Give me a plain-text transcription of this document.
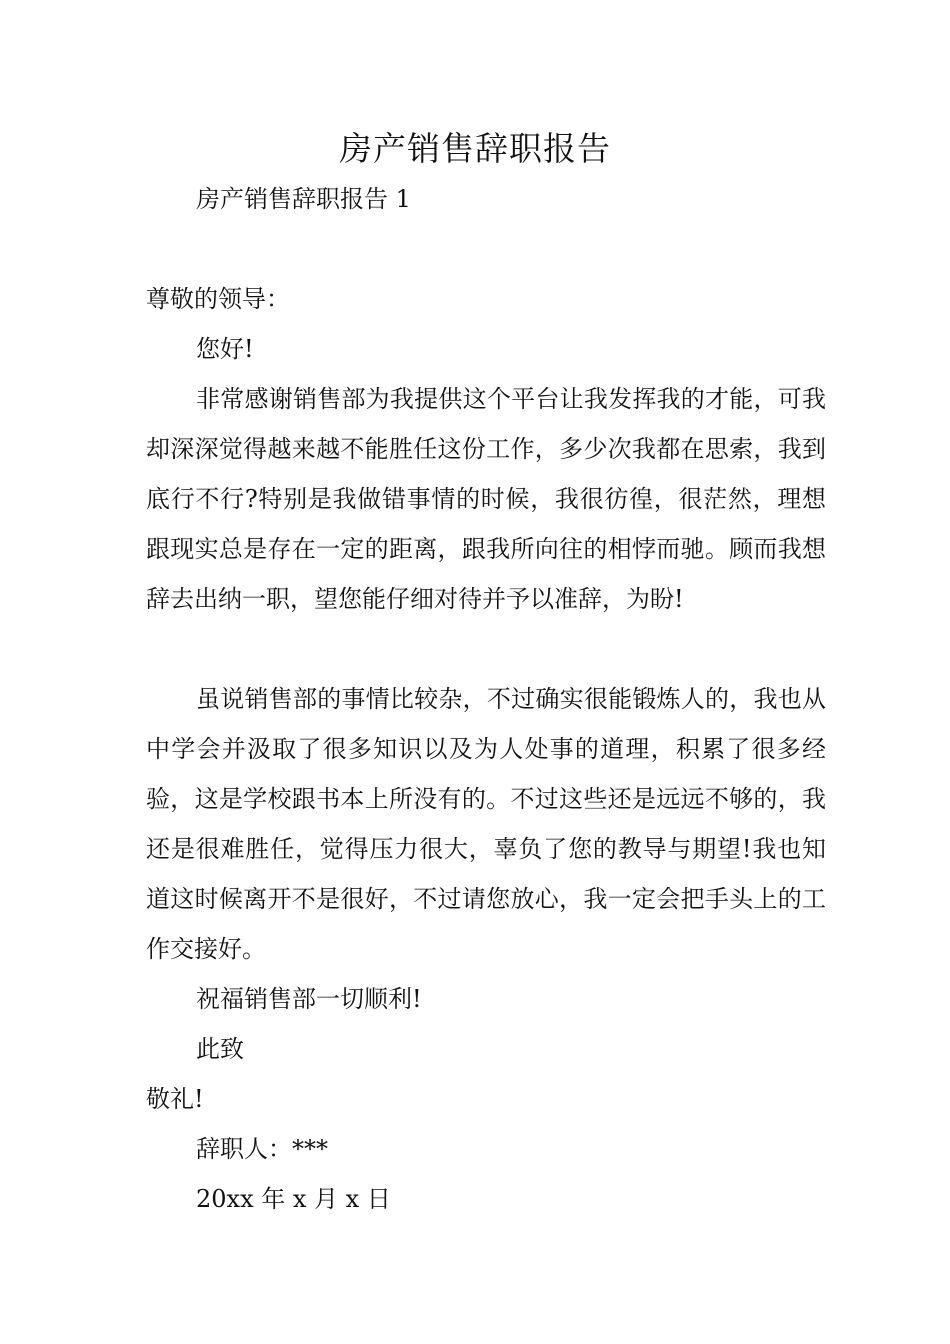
房产销售辞职报告
房产销售辞职报告 1
尊敬的领导：
您好!
非常感谢销售部为我提供这个平台让我发挥我的才能，可我却深深觉得越来越不能胜任这份工作，多少次我都在思索，我到底行不行?特别是我做错事情的时候，我很彷徨，很茫然，理想跟现实总是存在一定的距离，跟我所向往的相悖而驰。顾而我想辞去出纳一职，望您能仔细对待并予以准辞，为盼!
虽说销售部的事情比较杂，不过确实很能锻炼人的，我也从中学会并汲取了很多知识以及为人处事的道理，积累了很多经验，这是学校跟书本上所没有的。不过这些还是远远不够的，我还是很难胜任，觉得压力很大，辜负了您的教导与期望!我也知道这时候离开不是很好，不过请您放心，我一定会把手头上的工作交接好。
祝福销售部一切顺利!
此致
敬礼!
辞职人：***
20xx 年 x 月 x 日
